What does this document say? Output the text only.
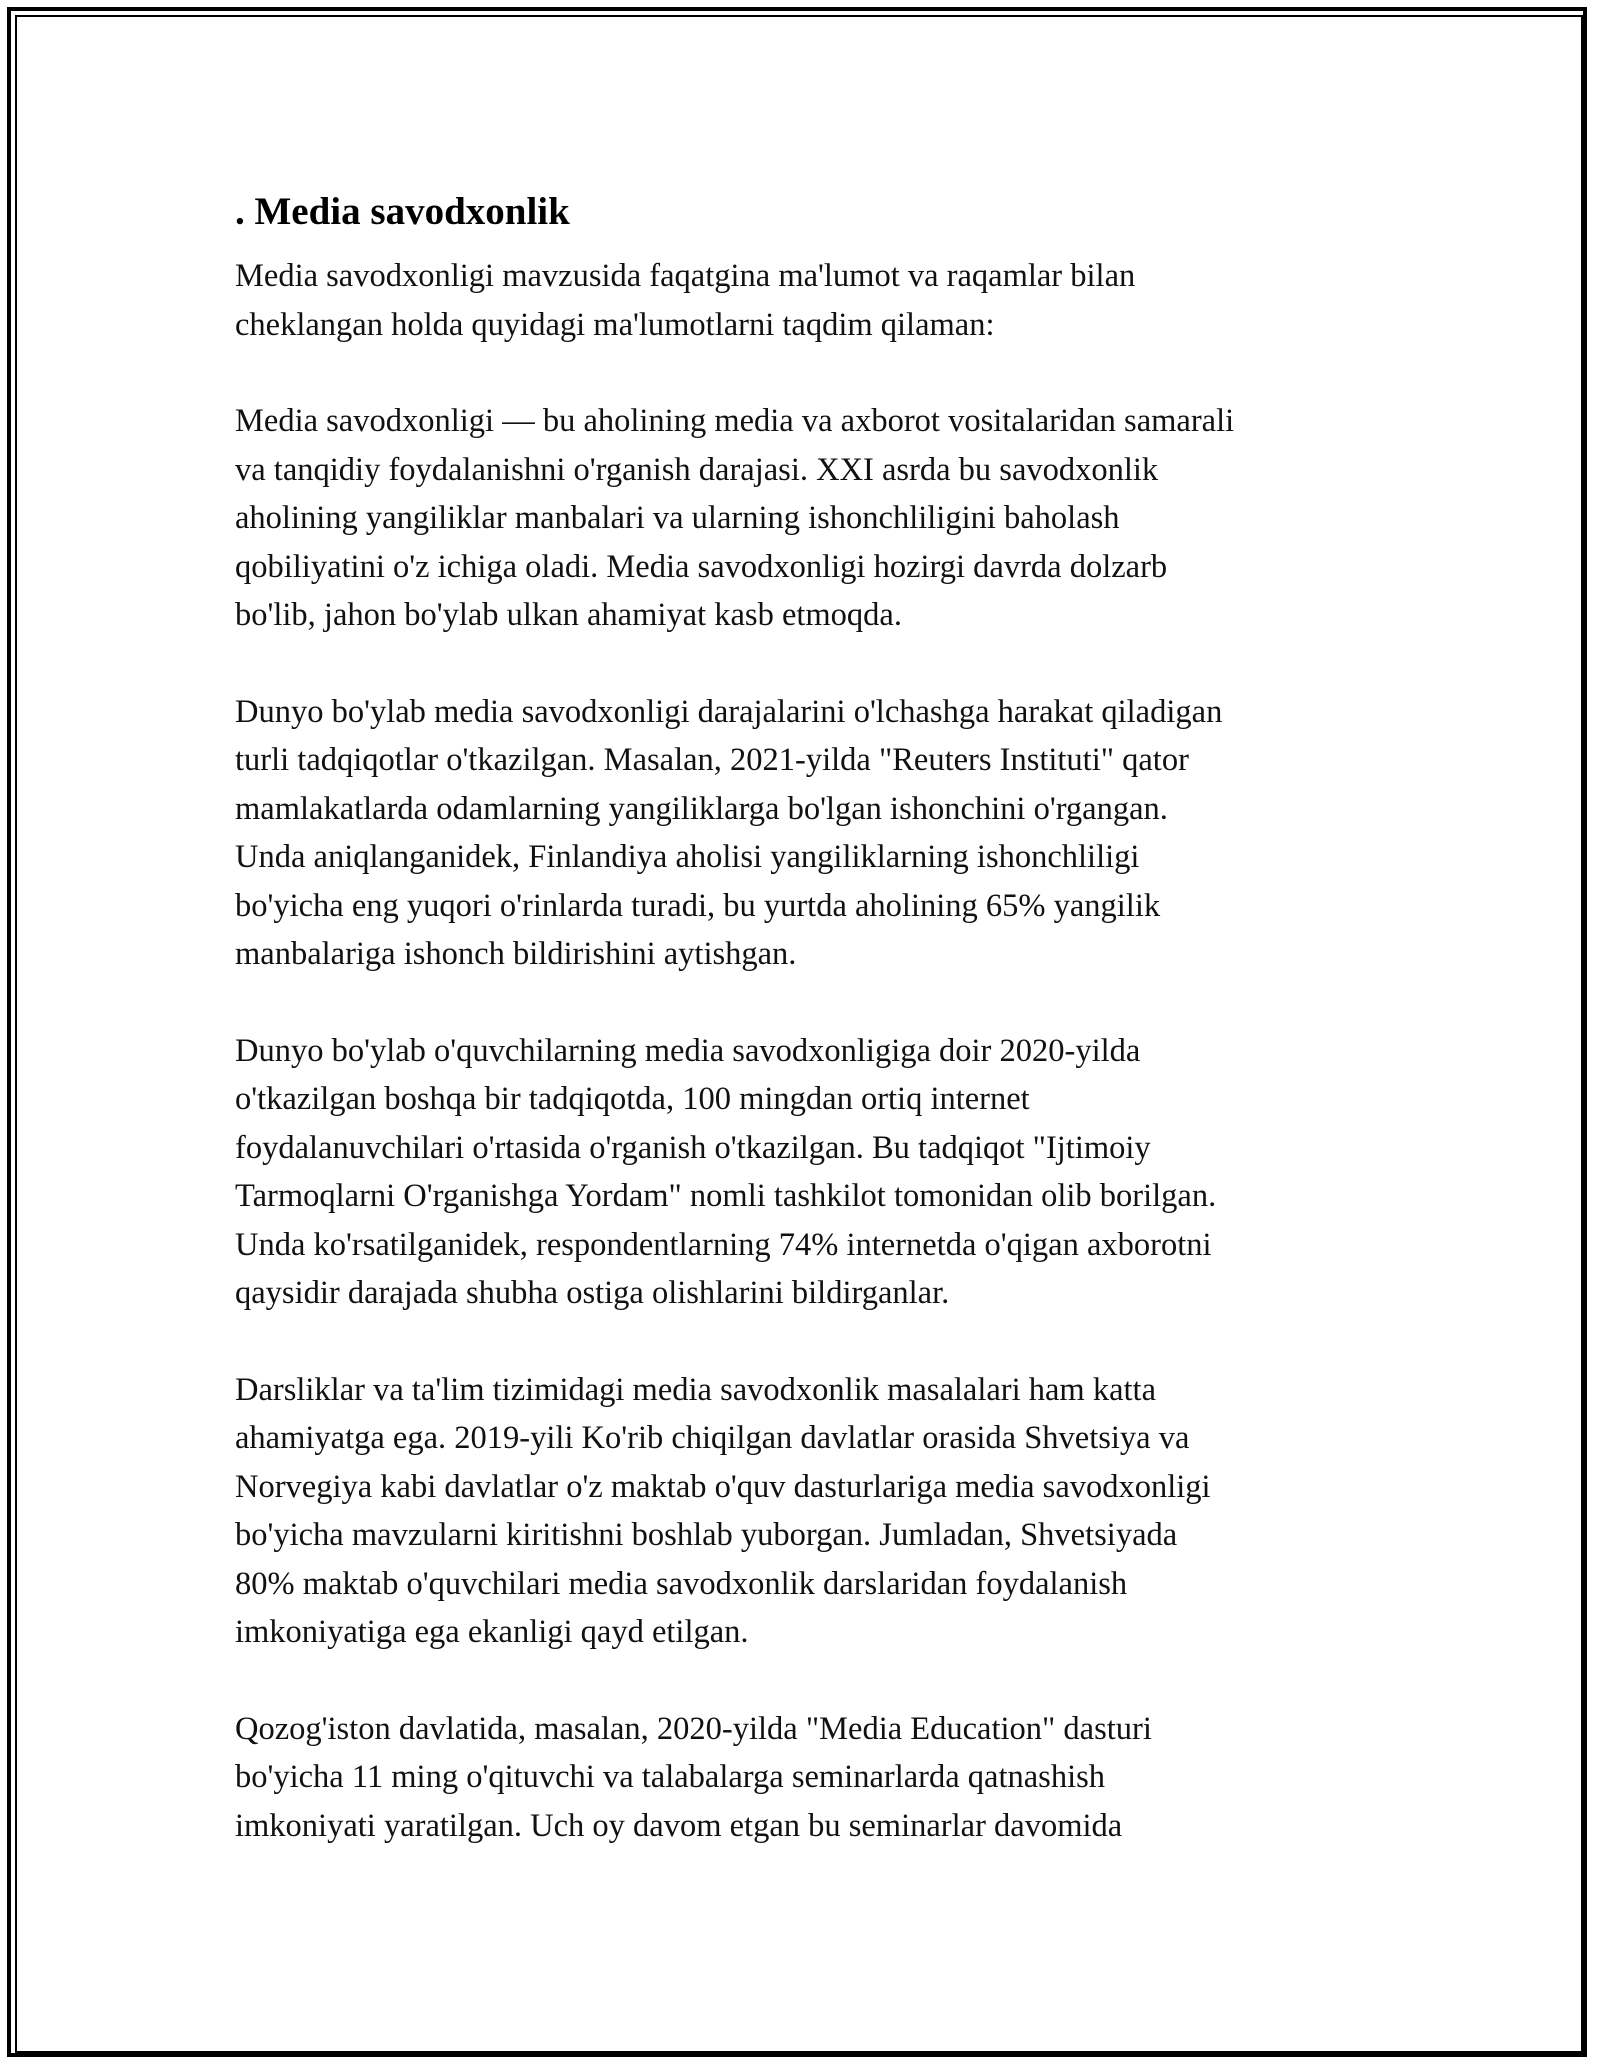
. Media savodxonlik

Media savodxonligi mavzusida faqatgina ma'lumot va raqamlar bilan
cheklangan holda quyidagi ma'lumotlarni taqdim qilaman:

Media savodxonligi — bu aholining media va axborot vositalaridan samarali
va tanqidiy foydalanishni o'rganish darajasi. XXI asrda bu savodxonlik
aholining yangiliklar manbalari va ularning ishonchliligini baholash
qobiliyatini o'z ichiga oladi. Media savodxonligi hozirgi davrda dolzarb
bo'lib, jahon bo'ylab ulkan ahamiyat kasb etmoqda.

Dunyo bo'ylab media savodxonligi darajalarini o'lchashga harakat qiladigan
turli tadqiqotlar o'tkazilgan. Masalan, 2021-yilda "Reuters Instituti" qator
mamlakatlarda odamlarning yangiliklarga bo'lgan ishonchini o'rgangan.
Unda aniqlanganidek, Finlandiya aholisi yangiliklarning ishonchliligi
bo'yicha eng yuqori o'rinlarda turadi, bu yurtda aholining 65% yangilik
manbalariga ishonch bildirishini aytishgan.

Dunyo bo'ylab o'quvchilarning media savodxonligiga doir 2020-yilda
o'tkazilgan boshqa bir tadqiqotda, 100 mingdan ortiq internet
foydalanuvchilari o'rtasida o'rganish o'tkazilgan. Bu tadqiqot "Ijtimoiy
Tarmoqlarni O'rganishga Yordam" nomli tashkilot tomonidan olib borilgan.
Unda ko'rsatilganidek, respondentlarning 74% internetda o'qigan axborotni
qaysidir darajada shubha ostiga olishlarini bildirganlar.

Darsliklar va ta'lim tizimidagi media savodxonlik masalalari ham katta
ahamiyatga ega. 2019-yili Ko'rib chiqilgan davlatlar orasida Shvetsiya va
Norvegiya kabi davlatlar o'z maktab o'quv dasturlariga media savodxonligi
bo'yicha mavzularni kiritishni boshlab yuborgan. Jumladan, Shvetsiyada
80% maktab o'quvchilari media savodxonlik darslaridan foydalanish
imkoniyatiga ega ekanligi qayd etilgan.

Qozog'iston davlatida, masalan, 2020-yilda "Media Education" dasturi
bo'yicha 11 ming o'qituvchi va talabalarga seminarlarda qatnashish
imkoniyati yaratilgan. Uch oy davom etgan bu seminarlar davomida
